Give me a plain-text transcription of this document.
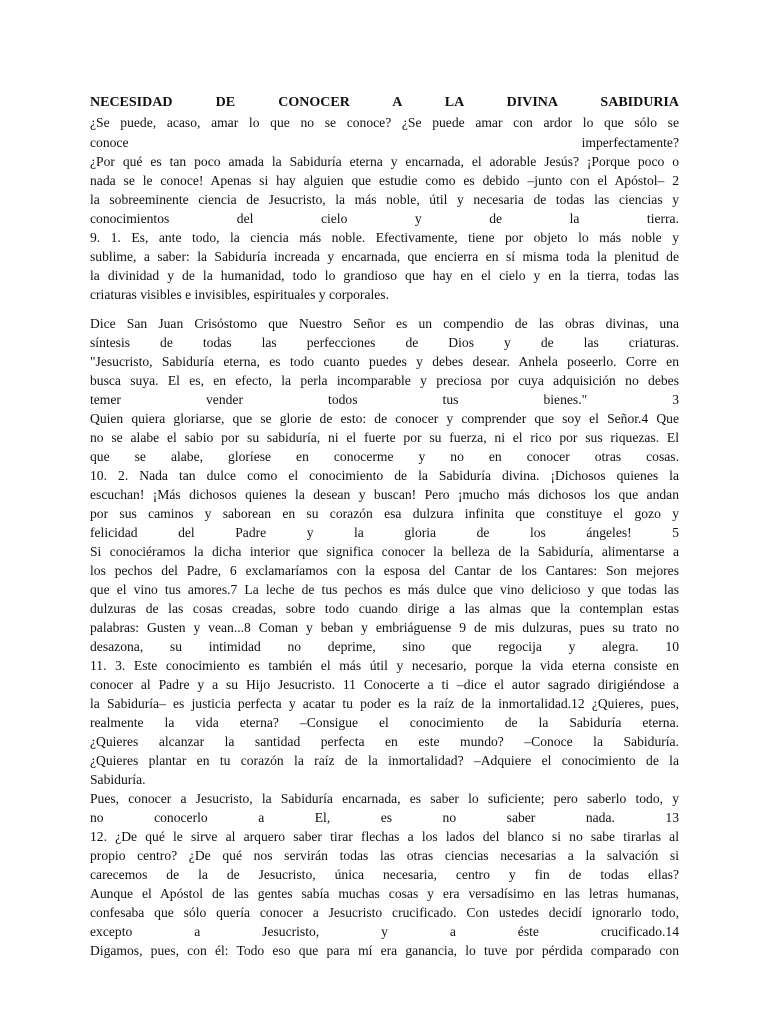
NECESIDAD DE CONOCER A LA DIVINA SABIDURIA
¿Se puede, acaso, amar lo que no se conoce? ¿Se puede amar con ardor lo que sólo se
conoce	imperfectamente?
¿Por qué es tan poco amada la Sabiduría eterna y encarnada, el adorable Jesús? ¡Porque poco o
nada se le conoce! Apenas si hay alguien que estudie como es debido –junto con el Apóstol– 2
la sobreeminente ciencia de Jesucristo, la más noble, útil y necesaria de todas las ciencias y
conocimientos del cielo y de la tierra.
9. 1. Es, ante todo, la ciencia más noble. Efectivamente, tiene por objeto lo más noble y
sublime, a saber: la Sabiduría increada y encarnada, que encierra en sí misma toda la plenitud de
la divinidad y de la humanidad, todo lo grandioso que hay en el cielo y en la tierra, todas las
criaturas visibles e invisibles, espirituales y corporales.
Dice San Juan Crisóstomo que Nuestro Señor es un compendio de las obras divinas, una
síntesis de todas las perfecciones de Dios y de las criaturas.
"Jesucristo, Sabiduría eterna, es todo cuanto puedes y debes desear. Anhela poseerlo. Corre en
busca suya. El es, en efecto, la perla incomparable y preciosa por cuya adquisición no debes
temer vender todos tus bienes." 3
Quien quiera gloriarse, que se glorie de esto: de conocer y comprender que soy el Señor.4 Que
no se alabe el sabio por su sabiduría, ni el fuerte por su fuerza, ni el rico por sus riquezas. El
que se alabe, gloríese en conocerme y no en conocer otras cosas.
10. 2. Nada tan dulce como el conocimiento de la Sabiduría divina. ¡Dichosos quienes la
escuchan! ¡Más dichosos quienes la desean y buscan! Pero ¡mucho más dichosos los que andan
por sus caminos y saborean en su corazón esa dulzura infinita que constituye el gozo y
felicidad del Padre y la gloria de los ángeles! 5
Si conociéramos la dicha interior que significa conocer la belleza de la Sabiduría, alimentarse a
los pechos del Padre, 6 exclamaríamos con la esposa del Cantar de los Cantares: Son mejores
que el vino tus amores.7 La leche de tus pechos es más dulce que vino delicioso y que todas las
dulzuras de las cosas creadas, sobre todo cuando dirige a las almas que la contemplan estas
palabras: Gusten y vean...8 Coman y beban y embriáguense 9 de mis dulzuras, pues su trato no
desazona, su intimidad no deprime, sino que regocija y alegra. 10
11. 3. Este conocimiento es también el más útil y necesario, porque la vida eterna consiste en
conocer al Padre y a su Hijo Jesucristo. 11 Conocerte a ti –dice el autor sagrado dirigiéndose a
la Sabiduría– es justicia perfecta y acatar tu poder es la raíz de la inmortalidad.12 ¿Quieres, pues,
realmente la vida eterna? –Consigue el conocimiento de la Sabiduría eterna.
¿Quieres alcanzar la santidad perfecta en este mundo? –Conoce la Sabiduría.
¿Quieres plantar en tu corazón la raíz de la inmortalidad? –Adquiere el conocimiento de la
Sabiduría.
Pues, conocer a Jesucristo, la Sabiduría encarnada, es saber lo suficiente; pero saberlo todo, y
no conocerlo a El, es no saber nada. 13
12. ¿De qué le sirve al arquero saber tirar flechas a los lados del blanco si no sabe tirarlas al
propio centro? ¿De qué nos servirán todas las otras ciencias necesarias a la salvación si
carecemos de la de Jesucristo, única necesaria, centro y fin de todas ellas?
Aunque el Apóstol de las gentes sabía muchas cosas y era versadísimo en las letras humanas,
confesaba que sólo quería conocer a Jesucristo crucificado. Con ustedes decidí ignorarlo todo,
excepto a Jesucristo, y a éste crucificado.14
Digamos, pues, con él: Todo eso que para mí era ganancia, lo tuve por pérdida comparado con
